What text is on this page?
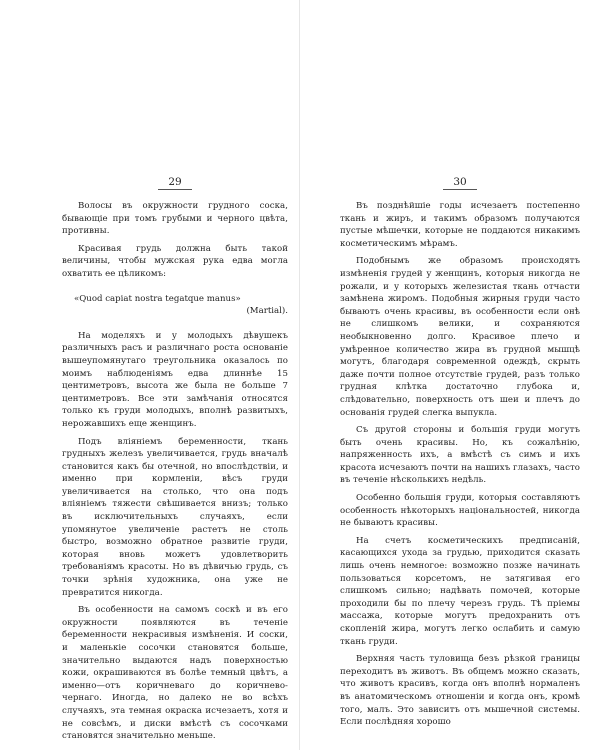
29

Волосы въ окружности грудного соска, бывающіе при томъ грубыми и черного цвѣта, противны.

Красивая грудь должна быть такой величины, чтобы мужская рука едва могла охватить ее цѣликомъ:

«Quod capiat nostra tegatque manus»
(Martial).

На моделяхъ и у молодыхъ дѣвушекъ различныхъ расъ и различнаго роста основаніе вышеупомянутаго треугольника оказалось по моимъ наблюденіямъ едва длиннѣе 15 центиметровъ, высота же была не больше 7 центиметровъ. Все эти замѣчанія относятся только къ груди молодыхъ, вполнѣ развитыхъ, нерожавшихъ еще женщинъ.

Подъ вліяніемъ беременности, ткань грудныхъ железъ увеличивается, грудь вначалѣ становится какъ бы отечной, но впослѣдствіи, и именно при кормленіи, вѣсъ груди увеличивается на столько, что она подъ вліяніемъ тяжести свѣшивается внизъ; только въ исключительныхъ случаяхъ, если упомянутое увеличеніе растетъ не столь быстро, возможно обратное развитіе груди, которая вновь можетъ удовлетворить требованіямъ красоты. Но въ дѣвичью грудь, съ точки зрѣнія художника, она уже не превратится никогда.

Въ особенности на самомъ соскѣ и въ его окружности появляются въ теченіе беременности некрасивыя измѣненія. И соски, и маленькіе сосочки становятся больше, значительно выдаются надъ поверхностью кожи, окрашиваются въ болѣе темный цвѣтъ, а именно—отъ коричневаго до коричнево-чернаго. Иногда, но далеко не во всѣхъ случаяхъ, эта темная окраска исчезаетъ, хотя и не совсѣмъ, и диски вмѣстѣ съ сосочками становятся значительно меньше.

30

Въ позднѣйшіе годы исчезаетъ постепенно ткань и жиръ, и такимъ образомъ получаются пустые мѣшечки, которые не поддаются никакимъ косметическимъ мѣрамъ.

Подобнымъ же образомъ происходятъ измѣненія грудей у женщинъ, которыя никогда не рожали, и у которыхъ железистая ткань отчасти замѣнена жиромъ. Подобныя жирныя груди часто бываютъ очень красивы, въ особенности если онѣ не слишкомъ велики, и сохраняются необыкновенно долго. Красивое плечо и умѣренное количество жира въ грудной мышцѣ могутъ, благодаря современной одеждѣ, скрыть даже почти полное отсутствіе грудей, разъ только грудная клѣтка достаточно глубока и, слѣдовательно, поверхность отъ шеи и плечъ до основанія грудей слегка выпукла.

Съ другой стороны и большія груди могутъ быть очень красивы. Но, къ сожалѣнію, напряженность ихъ, а вмѣстѣ съ симъ и ихъ красота исчезаютъ почти на нашихъ глазахъ, часто въ теченіе нѣсколькихъ недѣль.

Особенно большія груди, которыя составляютъ особенность нѣкоторыхъ національностей, никогда не бываютъ красивы.

На счетъ косметическихъ предписаній, касающихся ухода за грудью, приходится сказать лишь очень немногое: возможно позже начинать пользоваться корсетомъ, не затягивая его слишкомъ сильно; надѣвать помочей, которые проходили бы по плечу черезъ грудь. Тѣ пріемы массажа, которые могутъ предохранить отъ скопленій жира, могутъ легко ослабить и самую ткань груди.

Верхняя часть туловища безъ рѣзкой границы переходитъ въ животъ. Въ общемъ можно сказать, что животъ красивъ, когда онъ вполнѣ нормаленъ въ анатомическомъ отношеніи и когда онъ, кромѣ того, малъ. Это зависитъ отъ мышечной системы. Если послѣдняя хорошо
